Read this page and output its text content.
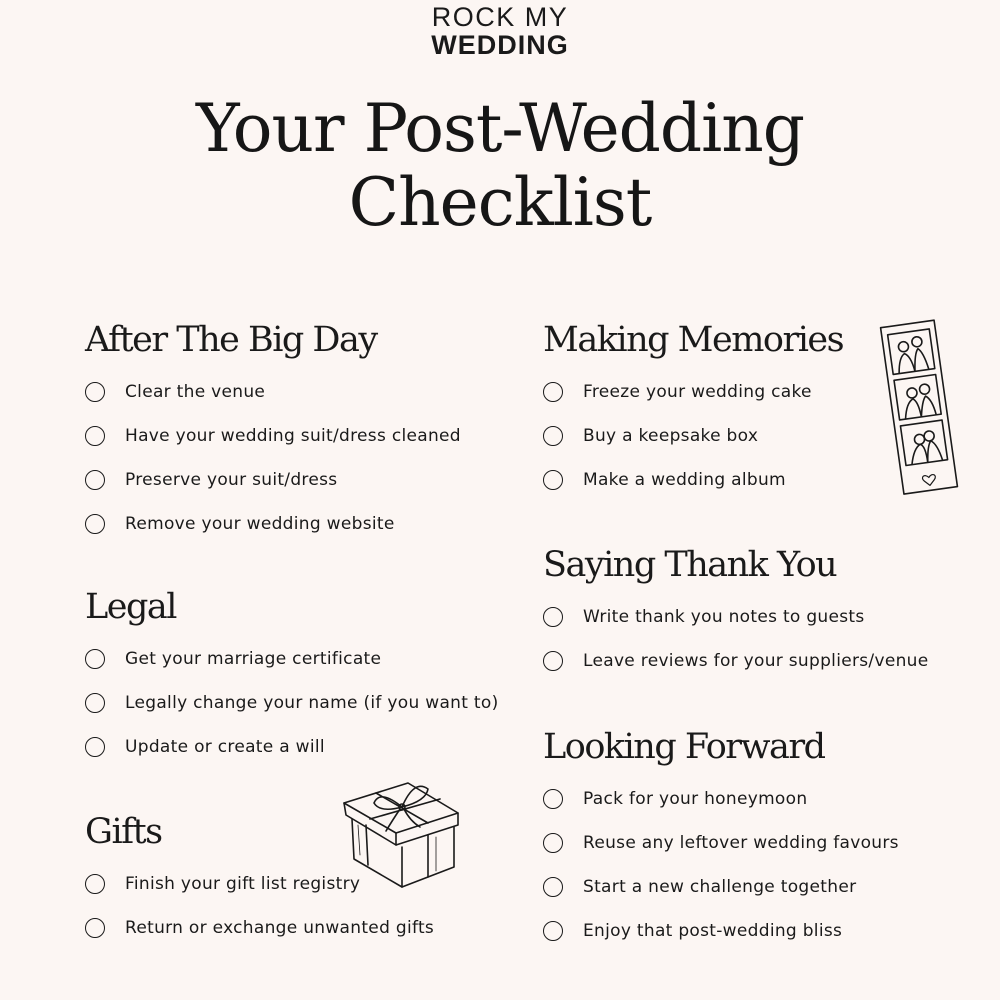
ROCK MY
WEDDING
Your Post-Wedding
Checklist
After The Big Day
Clear the venue
Have your wedding suit/dress cleaned
Preserve your suit/dress
Remove your wedding website
Legal
Get your marriage certificate
Legally change your name (if you want to)
Update or create a will
Gifts
Finish your gift list registry
Return or exchange unwanted gifts
Making Memories
Freeze your wedding cake
Buy a keepsake box
Make a wedding album
Saying Thank You
Write thank you notes to guests
Leave reviews for your suppliers/venue
Looking Forward
Pack for your honeymoon
Reuse any leftover wedding favours
Start a new challenge together
Enjoy that post-wedding bliss
